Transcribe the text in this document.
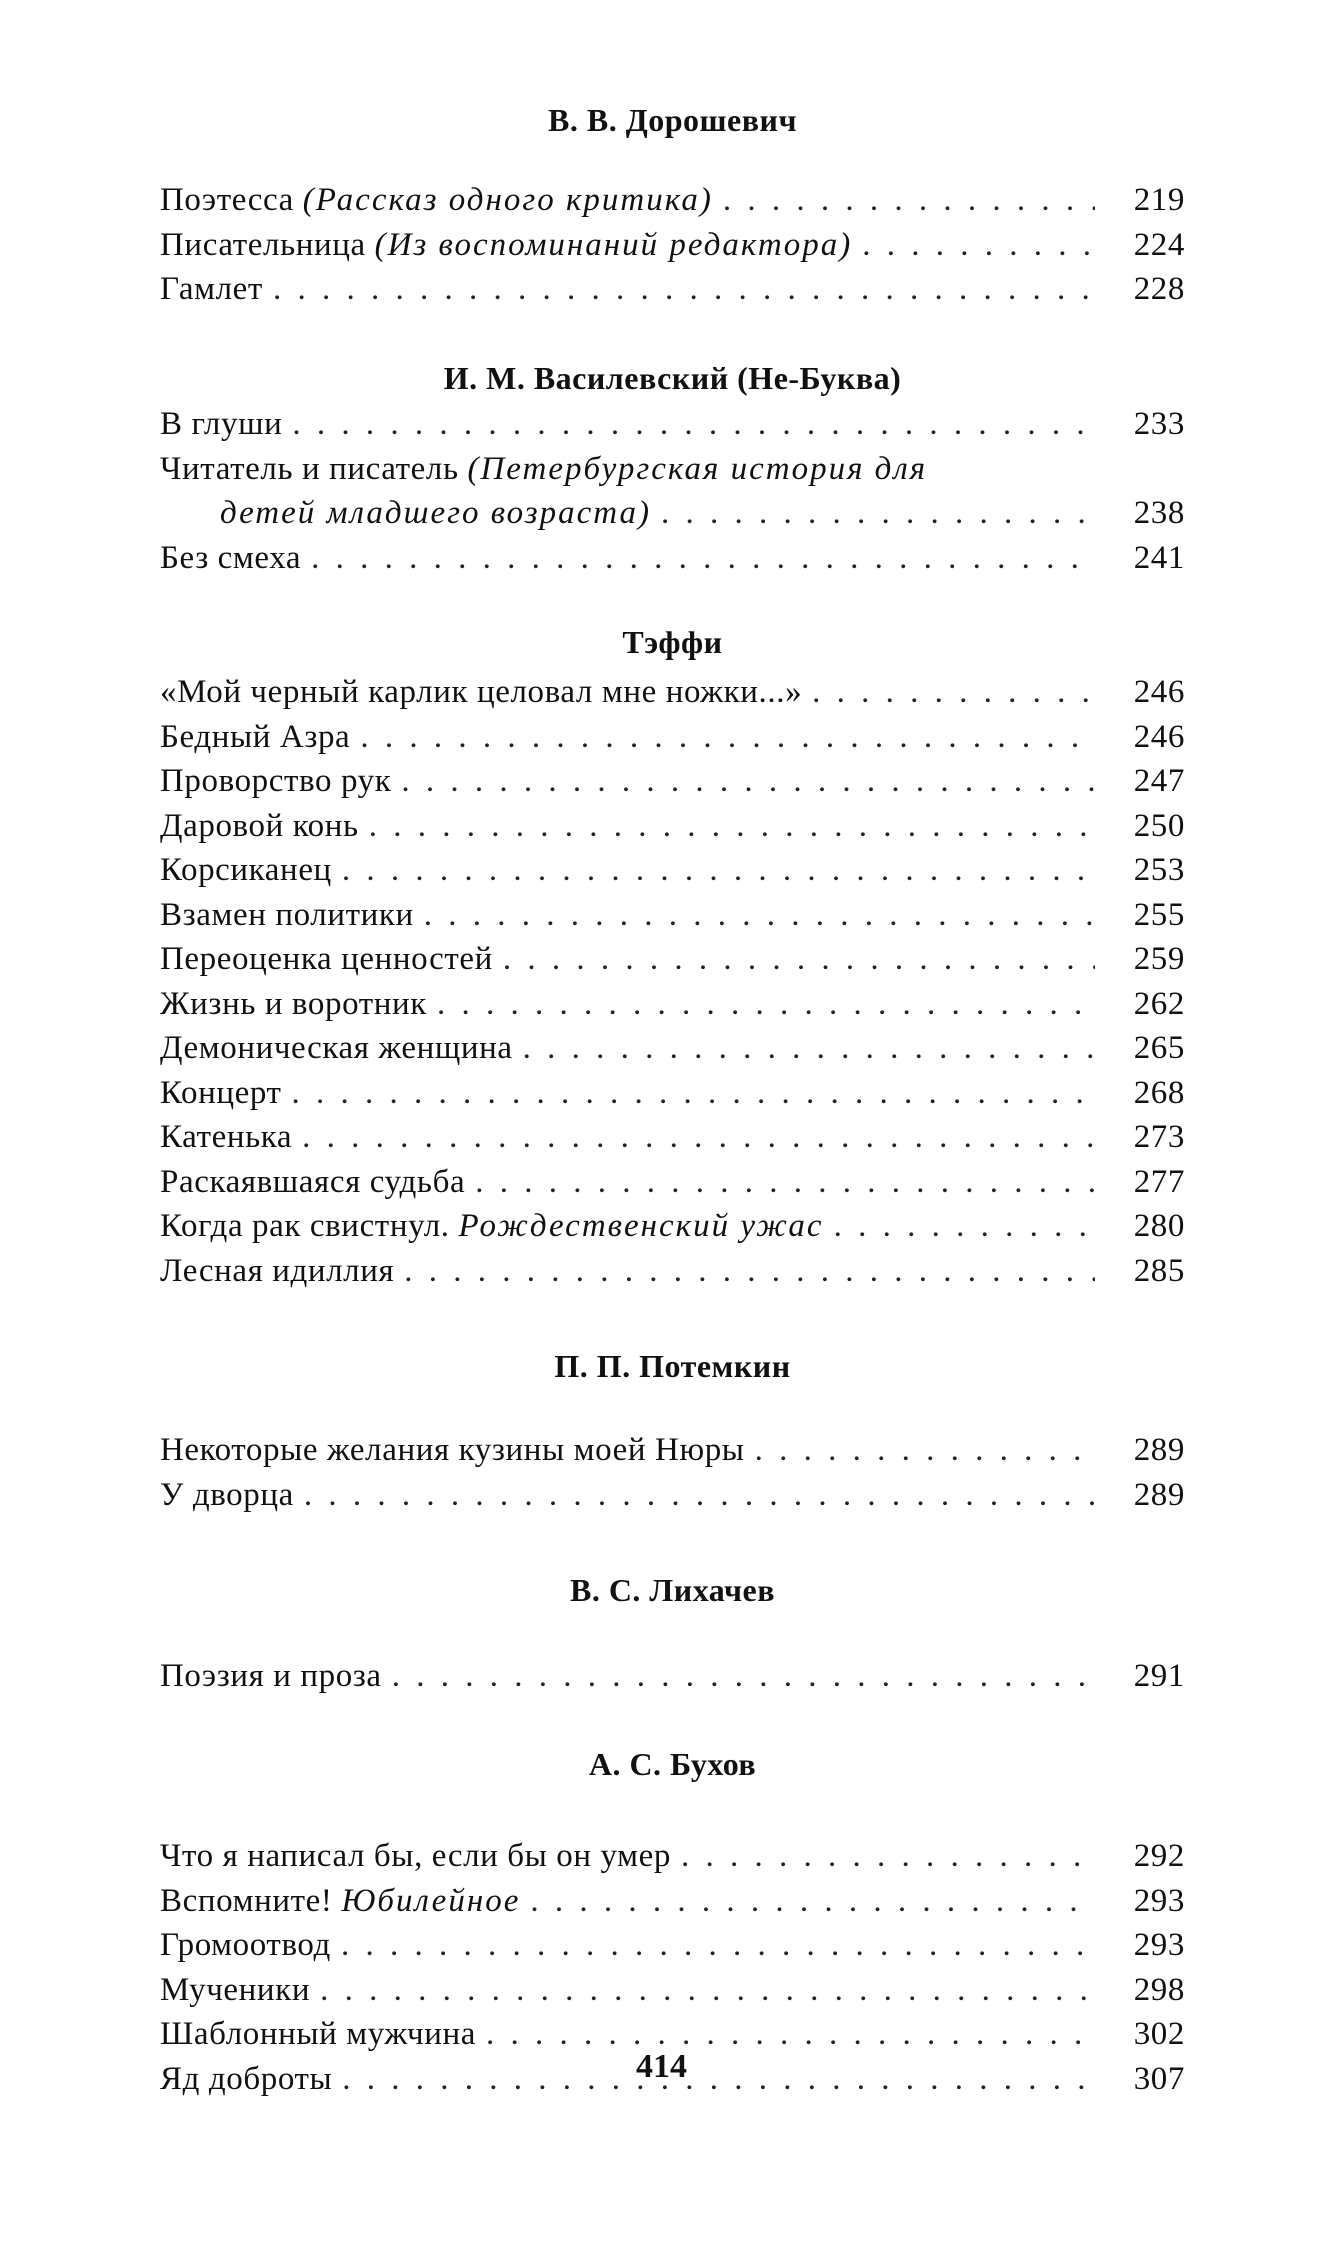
В. В. Дорошевич
Поэтесса (Рассказ одного критика) . . .	219
Писательница (Из воспоминаний редактора) . . .	224
Гамлет . . .	228
И. М. Василевский (Не-Буква)
В глуши . . .	233
Читатель и писатель (Петербургская история для
детей младшего возраста) . . .	238
Без смеха . . .	241
Тэффи
«Мой черный карлик целовал мне ножки...» . . .	246
Бедный Азра . . .	246
Проворство рук . . .	247
Даровой конь . . .	250
Корсиканец . . .	253
Взамен политики . . .	255
Переоценка ценностей . . .	259
Жизнь и воротник . . .	262
Демоническая женщина . . .	265
Концерт . . .	268
Катенька . . .	273
Раскаявшаяся судьба . . .	277
Когда рак свистнул. Рождественский ужас . . .	280
Лесная идиллия . . .	285
П. П. Потемкин
Некоторые желания кузины моей Нюры . . .	289
У дворца . . .	289
В. С. Лихачев
Поэзия и проза . . .	291
А. С. Бухов
Что я написал бы, если бы он умер . . .	292
Вспомните! Юбилейное . . .	293
Громоотвод . . .	293
Мученики . . .	298
Шаблонный мужчина . . .	302
Яд доброты . . .	307
414
